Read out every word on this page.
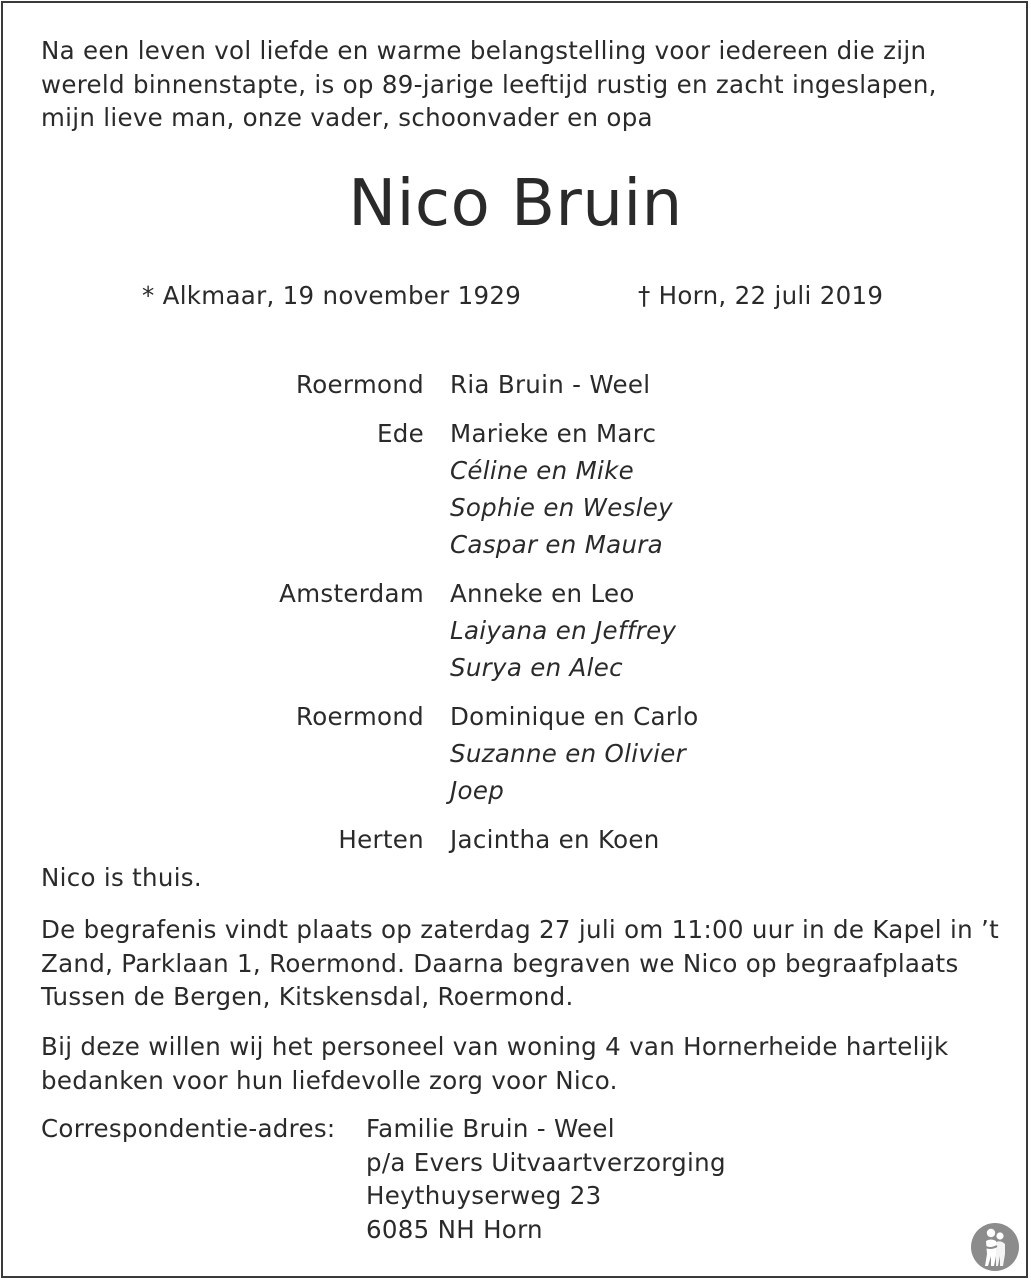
Na een leven vol liefde en warme belangstelling voor iedereen die zijn wereld binnenstapte, is op 89-jarige leeftijd rustig en zacht ingeslapen, mijn lieve man, onze vader, schoonvader en opa
Nico Bruin
* Alkmaar, 19 november 1929	† Horn, 22 juli 2019
Roermond Ria Bruin - Weel
Ede Marieke en Marc
Céline en Mike
Sophie en Wesley
Caspar en Maura
Amsterdam Anneke en Leo
Laiyana en Jeffrey
Surya en Alec
Roermond Dominique en Carlo
Suzanne en Olivier
Joep
Herten Jacintha en Koen
Nico is thuis.
De begrafenis vindt plaats op zaterdag 27 juli om 11:00 uur in de Kapel in ’t Zand, Parklaan 1, Roermond. Daarna begraven we Nico op begraafplaats Tussen de Bergen, Kitskensdal, Roermond.
Bij deze willen wij het personeel van woning 4 van Hornerheide hartelijk bedanken voor hun liefdevolle zorg voor Nico.
Correspondentie-adres: Familie Bruin - Weel
p/a Evers Uitvaartverzorging
Heythuyserweg 23
6085 NH Horn
